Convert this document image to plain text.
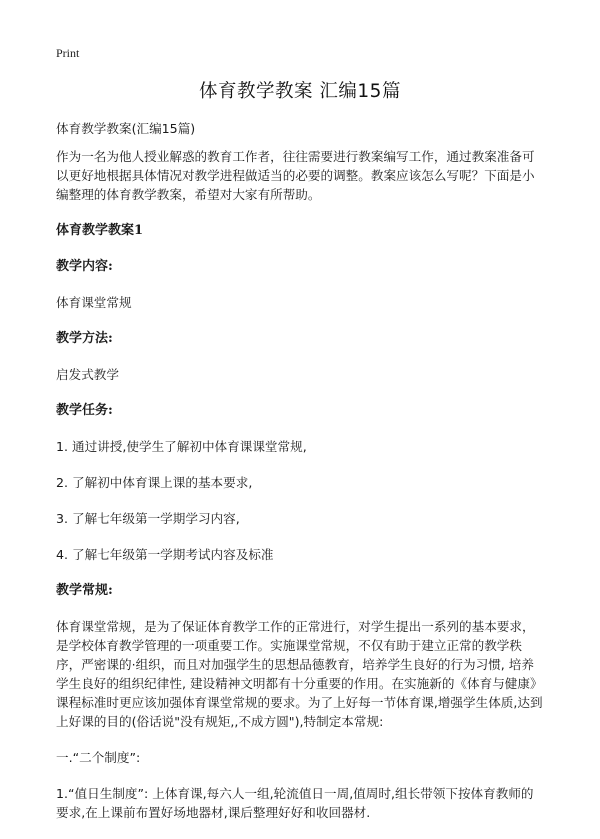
Print
体育教学教案 汇编15篇

体育教学教案(汇编15篇)

作为一名为他人授业解惑的教育工作者，往往需要进行教案编写工作，通过教案准备可以更好地根据具体情况对教学进程做适当的必要的调整。教案应该怎么写呢？下面是小编整理的体育教学教案，希望对大家有所帮助。

体育教学教案1

教学内容:

体育课堂常规

教学方法:

启发式教学

教学任务:

1. 通过讲授,使学生了解初中体育课课堂常规,

2. 了解初中体育课上课的基本要求,

3. 了解七年级第一学期学习内容,

4. 了解七年级第一学期考试内容及标准

教学常规:

体育课堂常规，是为了保证体育教学工作的正常进行，对学生提出一系列的基本要求，是学校体育教学管理的一项重要工作。实施课堂常规，不仅有助于建立正常的教学秩序，严密课的·组织，而且对加强学生的思想品德教育，培养学生良好的行为习惯, 培养学生良好的组织纪律性, 建设精神文明都有十分重要的作用。在实施新的《体育与健康》课程标准时更应该加强体育课堂常规的要求。为了上好每一节体育课,增强学生体质,达到上好课的目的(俗话说"没有规矩,,不成方圆"),特制定本常规:

一.“二个制度”:

1.“值日生制度”: 上体育课,每六人一组,轮流值日一周,值周时,组长带领下按体育教师的要求,在上课前布置好场地器材,课后整理好好和收回器材.
